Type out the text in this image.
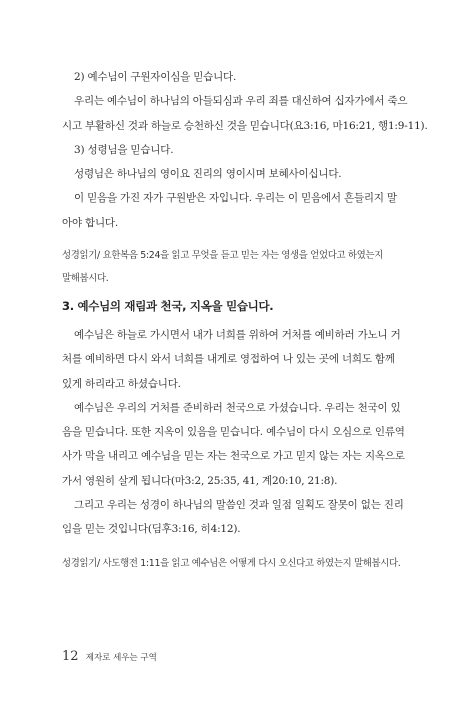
2) 예수님이 구원자이심을 믿습니다.
우리는 예수님이 하나님의 아들되심과 우리 죄를 대신하여 십자가에서 죽으
시고 부활하신 것과 하늘로 승천하신 것을 믿습니다(요3:16, 마16:21, 행1:9-11).
3) 성령님을 믿습니다.
성령님은 하나님의 영이요 진리의 영이시며 보혜사이십니다.
이 믿음을 가진 자가 구원받은 자입니다. 우리는 이 믿음에서 흔들리지 말
아야 합니다.
성경읽기/ 요한복음 5:24을 읽고 무엇을 듣고 믿는 자는 영생을 얻었다고 하였는지
말해봅시다.
3. 예수님의 재림과 천국, 지옥을 믿습니다.
예수님은 하늘로 가시면서 내가 너희를 위하여 거처를 예비하러 가노니 거
처를 예비하면 다시 와서 너희를 내게로 영접하여 나 있는 곳에 너희도 함께
있게 하리라고 하셨습니다.
예수님은 우리의 거처를 준비하러 천국으로 가셨습니다. 우리는 천국이 있
음을 믿습니다. 또한 지옥이 있음을 믿습니다. 예수님이 다시 오심으로 인류역
사가 막을 내리고 예수님을 믿는 자는 천국으로 가고 믿지 않는 자는 지옥으로
가서 영원히 살게 됩니다(마3:2, 25:35, 41, 계20:10, 21:8).
그리고 우리는 성경이 하나님의 말씀인 것과 일점 일획도 잘못이 없는 진리
임을 믿는 것입니다(딤후3:16, 히4:12).
성경읽기/ 사도행전 1:11을 읽고 예수님은 어떻게 다시 오신다고 하였는지 말해봅시다.
12 제자로 세우는 구역
